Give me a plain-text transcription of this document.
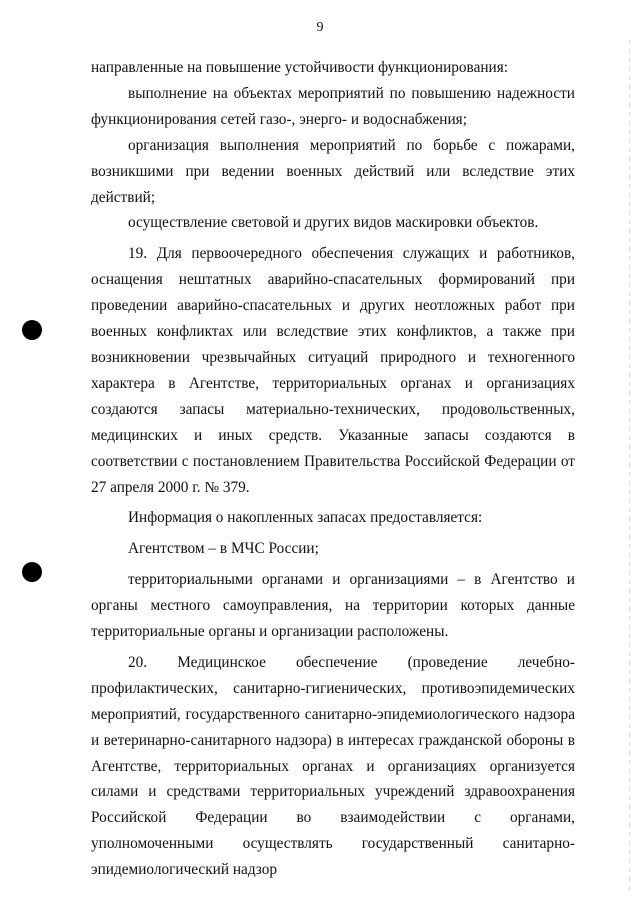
9

направленные на повышение устойчивости функционирования:

выполнение на объектах мероприятий по повышению надежности функционирования сетей газо-, энерго- и водоснабжения;

организация выполнения мероприятий по борьбе с пожарами, возникшими при ведении военных действий или вследствие этих действий;

осуществление световой и других видов маскировки объектов.

19. Для первоочередного обеспечения служащих и работников, оснащения нештатных аварийно-спасательных формирований при проведении аварийно-спасательных и других неотложных работ при военных конфликтах или вследствие этих конфликтов, а также при возникновении чрезвычайных ситуаций природного и техногенного характера в Агентстве, территориальных органах и организациях создаются запасы материально-технических, продовольственных, медицинских и иных средств. Указанные запасы создаются в соответствии с постановлением Правительства Российской Федерации от 27 апреля 2000 г. № 379.

Информация о накопленных запасах предоставляется:

Агентством – в МЧС России;

территориальными органами и организациями – в Агентство и органы местного самоуправления, на территории которых данные территориальные органы и организации расположены.

20. Медицинское обеспечение (проведение лечебно-профилактических, санитарно-гигиенических, противоэпидемических мероприятий, государственного санитарно-эпидемиологического надзора и ветеринарно-санитарного надзора) в интересах гражданской обороны в Агентстве, территориальных органах и организациях организуется силами и средствами территориальных учреждений здравоохранения Российской Федерации во взаимодействии с органами, уполномоченными осуществлять государственный санитарно-эпидемиологический надзор
